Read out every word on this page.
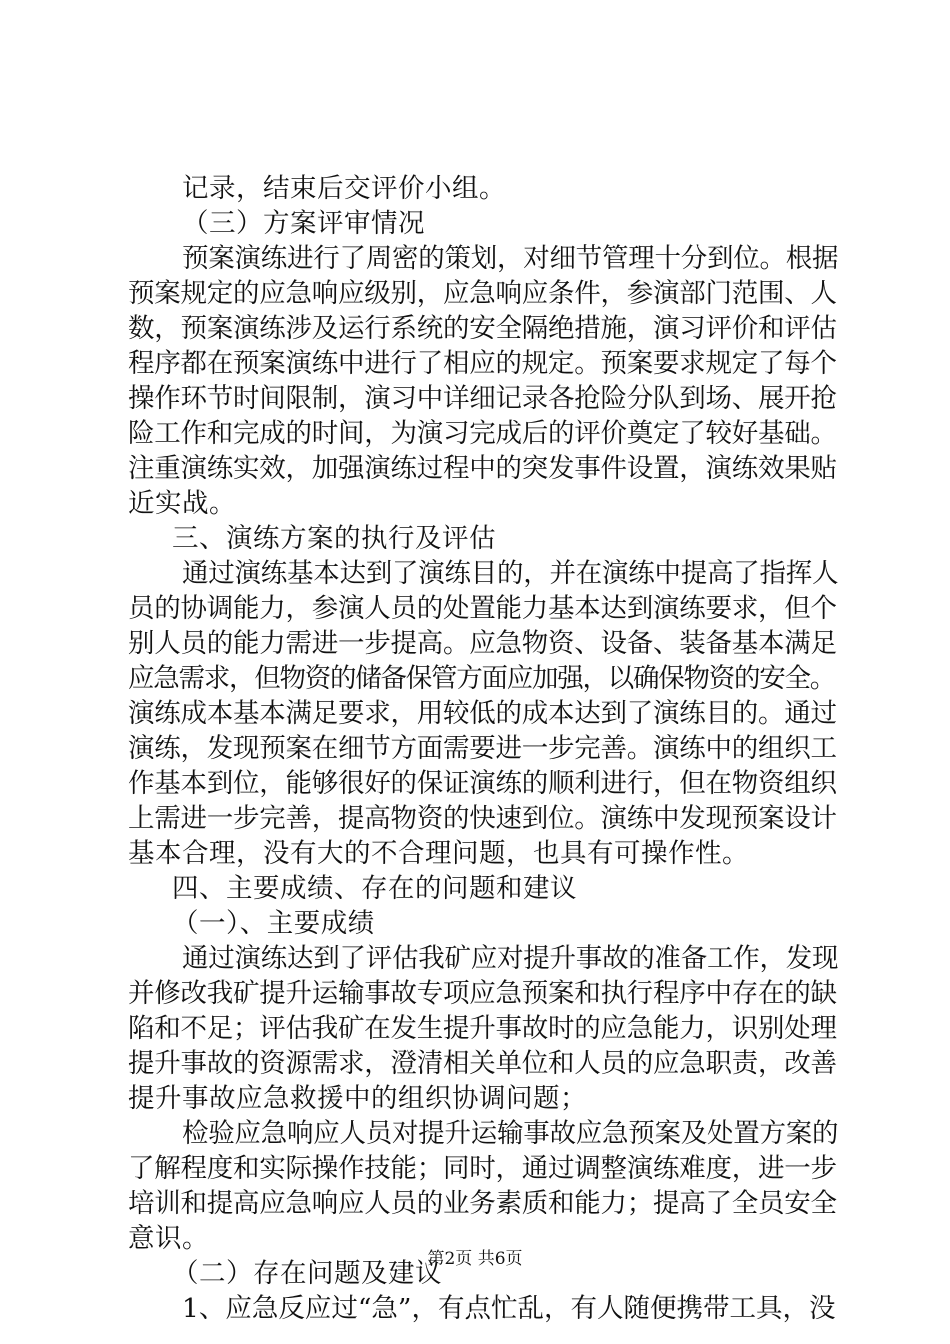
记录，结束后交评价小组。
（三）方案评审情况
预案演练进行了周密的策划，对细节管理十分到位。根据
预案规定的应急响应级别，应急响应条件，参演部门范围、人
数，预案演练涉及运行系统的安全隔绝措施，演习评价和评估
程序都在预案演练中进行了相应的规定。预案要求规定了每个
操作环节时间限制，演习中详细记录各抢险分队到场、展开抢
险工作和完成的时间，为演习完成后的评价奠定了较好基础。
注重演练实效，加强演练过程中的突发事件设置，演练效果贴
近实战。
三、演练方案的执行及评估
通过演练基本达到了演练目的，并在演练中提高了指挥人
员的协调能力，参演人员的处置能力基本达到演练要求，但个
别人员的能力需进一步提高。应急物资、设备、装备基本满足
应急需求，但物资的储备保管方面应加强，以确保物资的安全。
演练成本基本满足要求，用较低的成本达到了演练目的。通过
演练，发现预案在细节方面需要进一步完善。演练中的组织工
作基本到位，能够很好的保证演练的顺利进行，但在物资组织
上需进一步完善，提高物资的快速到位。演练中发现预案设计
基本合理，没有大的不合理问题，也具有可操作性。
四、主要成绩、存在的问题和建议
（一）、主要成绩
通过演练达到了评估我矿应对提升事故的准备工作，发现
并修改我矿提升运输事故专项应急预案和执行程序中存在的缺
陷和不足；评估我矿在发生提升事故时的应急能力，识别处理
提升事故的资源需求，澄清相关单位和人员的应急职责，改善
提升事故应急救援中的组织协调问题；
检验应急响应人员对提升运输事故应急预案及处置方案的
了解程度和实际操作技能；同时，通过调整演练难度，进一步
培训和提高应急响应人员的业务素质和能力；提高了全员安全
意识。
（二）存在问题及建议
1、应急反应过“急”，有点忙乱，有人随便携带工具，没
第2页 共6页
